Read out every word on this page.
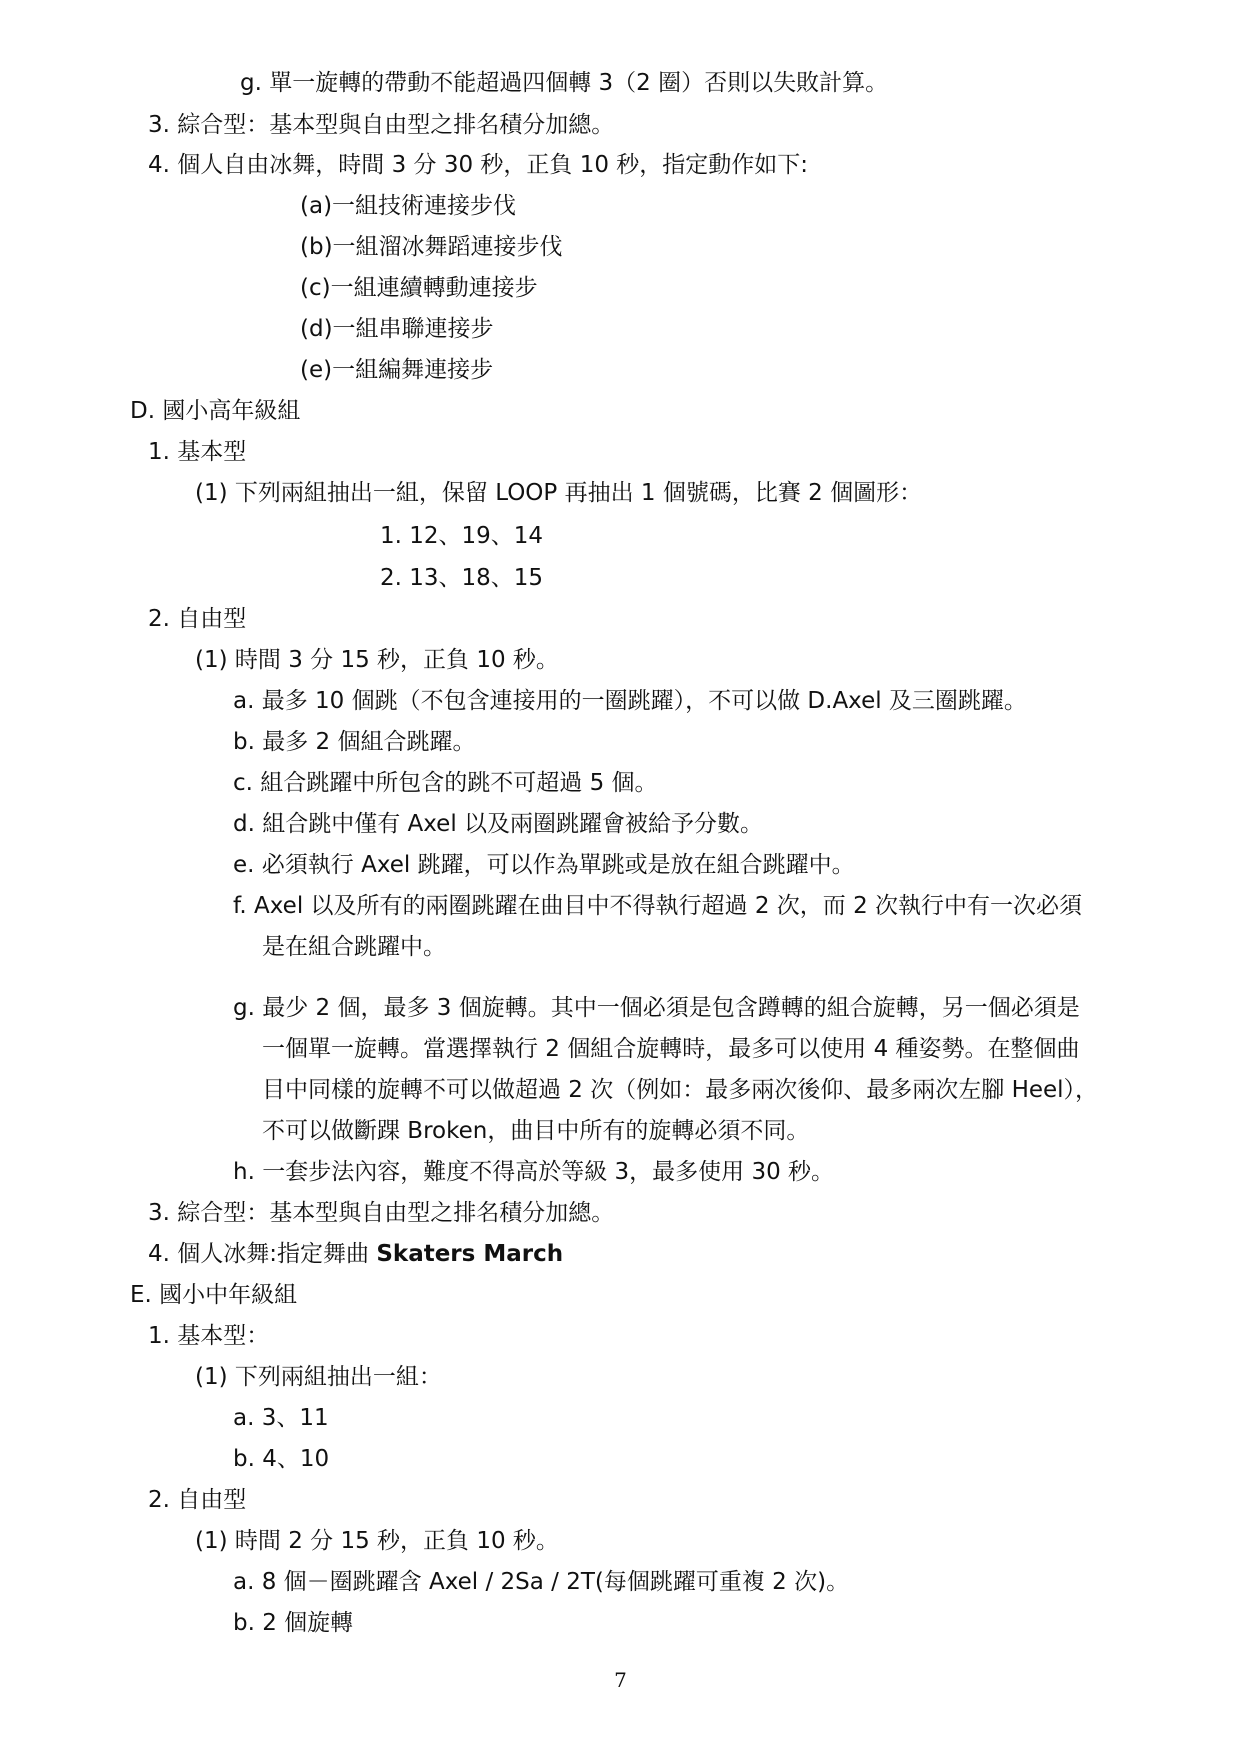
g. 單一旋轉的帶動不能超過四個轉 3（2 圈）否則以失敗計算。
3. 綜合型：基本型與自由型之排名積分加總。
4. 個人自由冰舞，時間 3 分 30 秒，正負 10 秒，指定動作如下:
(a)一組技術連接步伐
(b)一組溜冰舞蹈連接步伐
(c)一組連續轉動連接步
(d)一組串聯連接步
(e)一組編舞連接步
D. 國小高年級組
1. 基本型
(1) 下列兩組抽出一組，保留 LOOP 再抽出 1 個號碼，比賽 2 個圖形：
1. 12、19、14
2. 13、18、15
2. 自由型
(1) 時間 3 分 15 秒，正負 10 秒。
a. 最多 10 個跳（不包含連接用的一圈跳躍），不可以做 D.Axel 及三圈跳躍。
b. 最多 2 個組合跳躍。
c. 組合跳躍中所包含的跳不可超過 5 個。
d. 組合跳中僅有 Axel 以及兩圈跳躍會被給予分數。
e. 必須執行 Axel 跳躍，可以作為單跳或是放在組合跳躍中。
f. Axel 以及所有的兩圈跳躍在曲目中不得執行超過 2 次，而 2 次執行中有一次必須
是在組合跳躍中。
g. 最少 2 個，最多 3 個旋轉。其中一個必須是包含蹲轉的組合旋轉，另一個必須是
一個單一旋轉。當選擇執行 2 個組合旋轉時，最多可以使用 4 種姿勢。在整個曲
目中同樣的旋轉不可以做超過 2 次（例如：最多兩次後仰、最多兩次左腳 Heel），
不可以做斷踝 Broken，曲目中所有的旋轉必須不同。
h. 一套步法內容，難度不得高於等級 3，最多使用 30 秒。
3. 綜合型：基本型與自由型之排名積分加總。
4. 個人冰舞:指定舞曲 Skaters March
E. 國小中年級組
1. 基本型：
(1) 下列兩組抽出一組：
a. 3、11
b. 4、10
2. 自由型
(1) 時間 2 分 15 秒，正負 10 秒。
a. 8 個－圈跳躍含 Axel / 2Sa / 2T(每個跳躍可重複 2 次)。
b. 2 個旋轉
7
